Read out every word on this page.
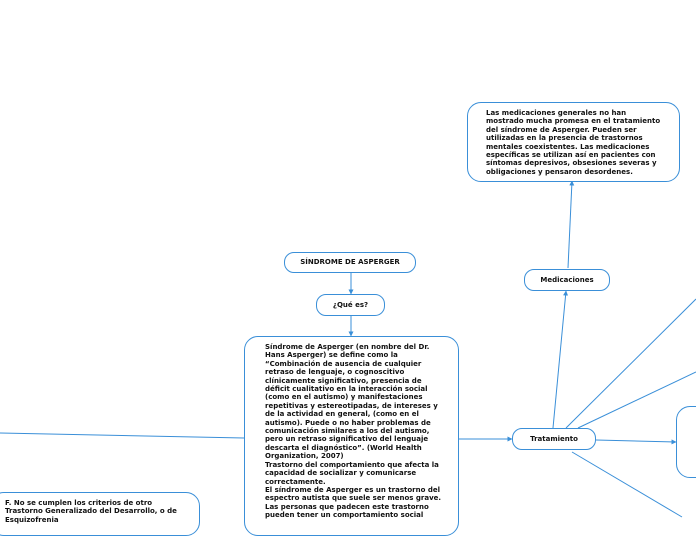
SÍNDROME DE ASPERGER
¿Qué es?
Síndrome de Asperger (en nombre del Dr.
Hans Asperger) se define como la
“Combinación de ausencia de cualquier
retraso de lenguaje, o cognoscitivo
clínicamente significativo, presencia de
déficit cualitativo en la interacción social
(como en el autismo) y manifestaciones
repetitivas y estereotipadas, de intereses y
de la actividad en general, (como en el
autismo). Puede o no haber problemas de
comunicación similares a los del autismo,
pero un retraso significativo del lenguaje
descarta el diagnóstico”. (World Health
Organization, 2007)
Trastorno del comportamiento que afecta la
capacidad de socializar y comunicarse
correctamente.
El síndrome de Asperger es un trastorno del
espectro autista que suele ser menos grave.
Las personas que padecen este trastorno
pueden tener un comportamiento social
Tratamiento
Medicaciones
Las medicaciones generales no han
mostrado mucha promesa en el tratamiento
del síndrome de Asperger. Pueden ser
utilizadas en la presencia de trastornos
mentales coexistentes. Las medicaciones
específicas se utilizan así en pacientes con
síntomas depresivos, obsesiones severas y
obligaciones y pensaron desordenes.
F. No se cumplen los criterios de otro
Trastorno Generalizado del Desarrollo, o de
Esquizofrenia
